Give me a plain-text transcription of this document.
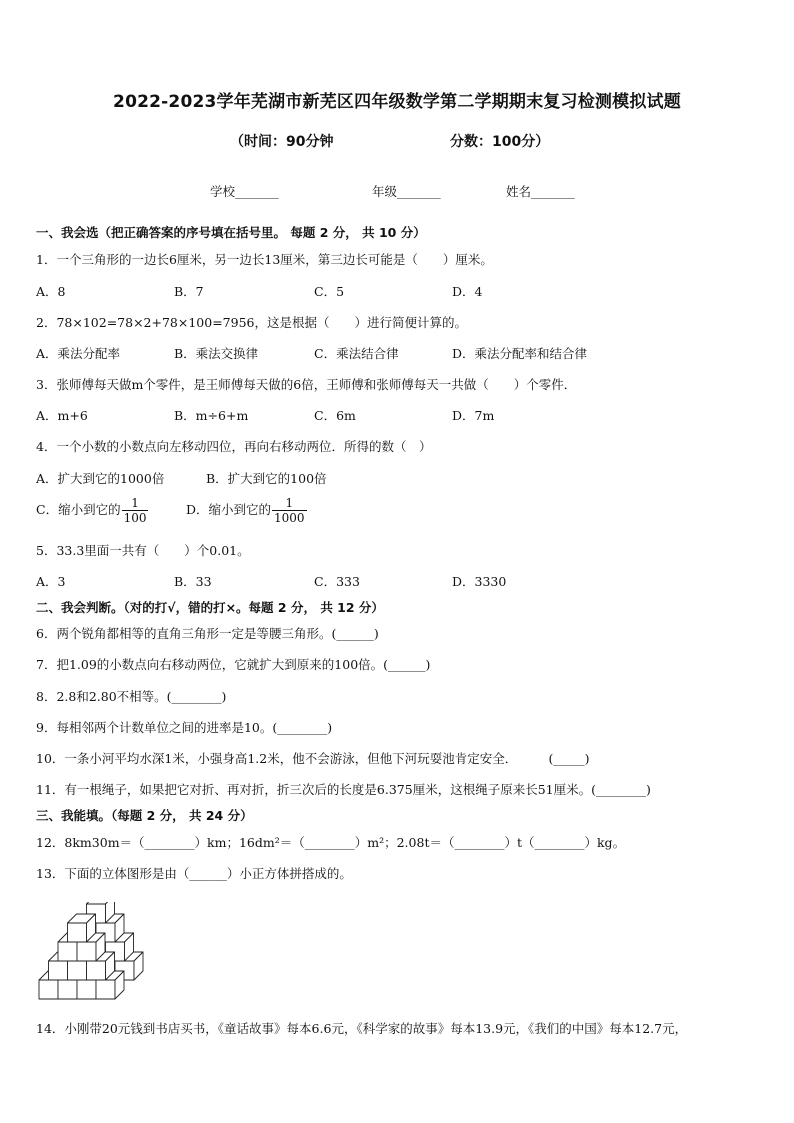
2022-2023学年芜湖市新芜区四年级数学第二学期期末复习检测模拟试题
（时间：90分钟	分数：100分）
学校_______	年级_______	姓名_______
一、我会选（把正确答案的序号填在括号里。 每题 2 分， 共 10 分）
1．一个三角形的一边长6厘米，另一边长13厘米，第三边长可能是（　　）厘米。
A．8	B．7	C．5	D．4
2．78×102=78×2+78×100=7956，这是根据（　　）进行简便计算的。
A．乘法分配率	B．乘法交换律	C．乘法结合律	D．乘法分配率和结合律
3．张师傅每天做m个零件，是王师傅每天做的6倍，王师傅和张师傅每天一共做（　　）个零件．
A．m+6	B．m÷6+m	C．6m	D．7m
4．一个小数的小数点向左移动四位，再向右移动两位．所得的数（　）
A．扩大到它的1000倍	B．扩大到它的100倍
C．缩小到它的 $\frac{1}{100}$	D．缩小到它的 $\frac{1}{1000}$
5．33.3里面一共有（　　）个0.01。
A．3	B．33	C．333	D．3330
二、我会判断。（对的打√，错的打×。每题 2 分， 共 12 分）
6．两个锐角都相等的直角三角形一定是等腰三角形。(______)
7．把1.09的小数点向右移动两位，它就扩大到原来的100倍。(______)
8．2.8和2.80不相等。(________)
9．每相邻两个计数单位之间的进率是10。(________)
10．一条小河平均水深1米，小强身高1.2米，他不会游泳，但他下河玩耍池肯定安全．　　　(_____)
11．有一根绳子，如果把它对折、再对折，折三次后的长度是6.375厘米，这根绳子原来长51厘米。(________)
三、我能填。（每题 2 分， 共 24 分）
12．8km30m＝（________）km；16dm²＝（________）m²；2.08t＝（________）t（________）kg。
13．下面的立体图形是由（______）小正方体拼搭成的。
14．小刚带20元钱到书店买书，《童话故事》每本6.6元，《科学家的故事》每本13.9元，《我们的中国》每本12.7元，
